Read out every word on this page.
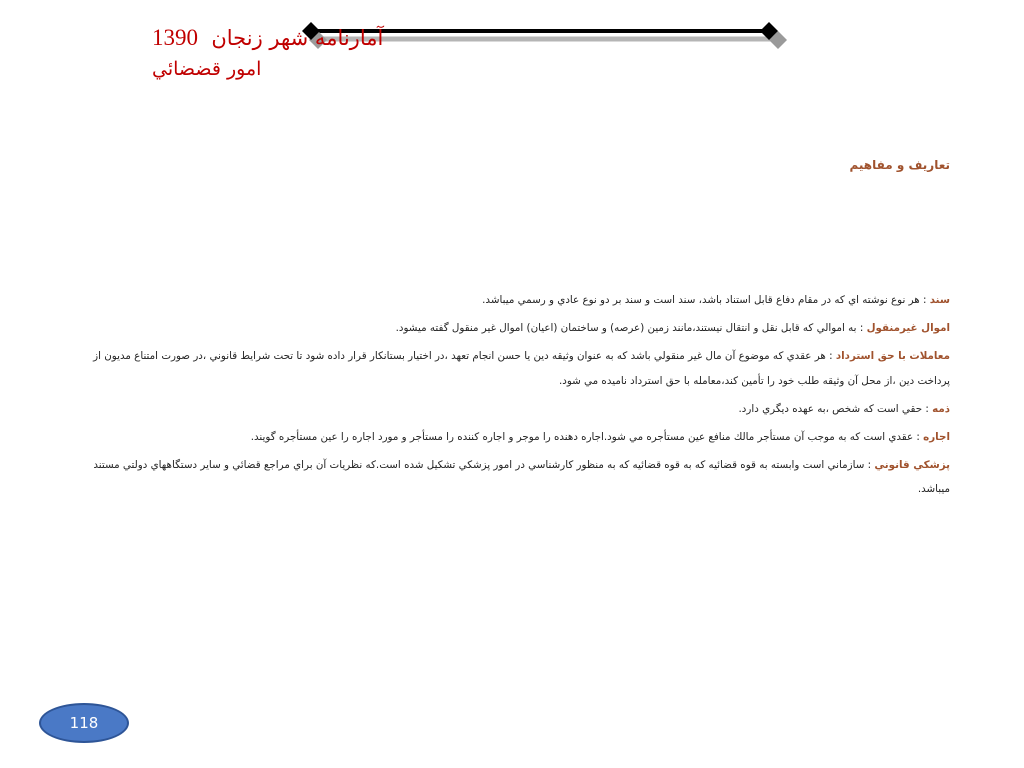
آمارنامه شهر زنجان  1390
امور قضضائي
تعاريف و مفاهيم

سند : هر نوع نوشته اي كه در مقام دفاع قابل استناد باشد، سند است و سند بر دو نوع عادي و رسمي ميباشد.

اموال غيرمنقول : به اموالي كه قابل نقل و انتقال نيستند،مانند زمين (عرصه) و ساختمان (اعيان) اموال غير منقول گفته ميشود.

معاملات با حق استرداد : هر عقدي كه موضوع آن مال غير منقولي باشد كه به عنوان وثيقه دين يا حسن انجام تعهد ،در اختيار بستانكار قرار داده شود تا تحت شرايط قانوني ،در صورت امتناع مديون از پرداخت دين ،از محل آن وثيقه طلب خود را تأمين كند،معامله با حق استرداد ناميده مي شود.

ذمه : حقي است كه شخص ،به عهده ديگري دارد.

اجاره : عقدي است كه به موجب آن مستأجر مالك منافع عين مستأجره مي شود.اجاره دهنده را موجر و اجاره كننده را مستأجر و مورد اجاره را عين مستأجره گويند.

پزشكي قانوني : سازماني است وابسته به قوه قضائيه كه به قوه قضائيه كه به منظور كارشناسي در امور پزشكي تشكيل شده است.كه نظريات آن براي مراجع قضائي و ساير دستگاههاي دولتي مستند ميباشد.

118
